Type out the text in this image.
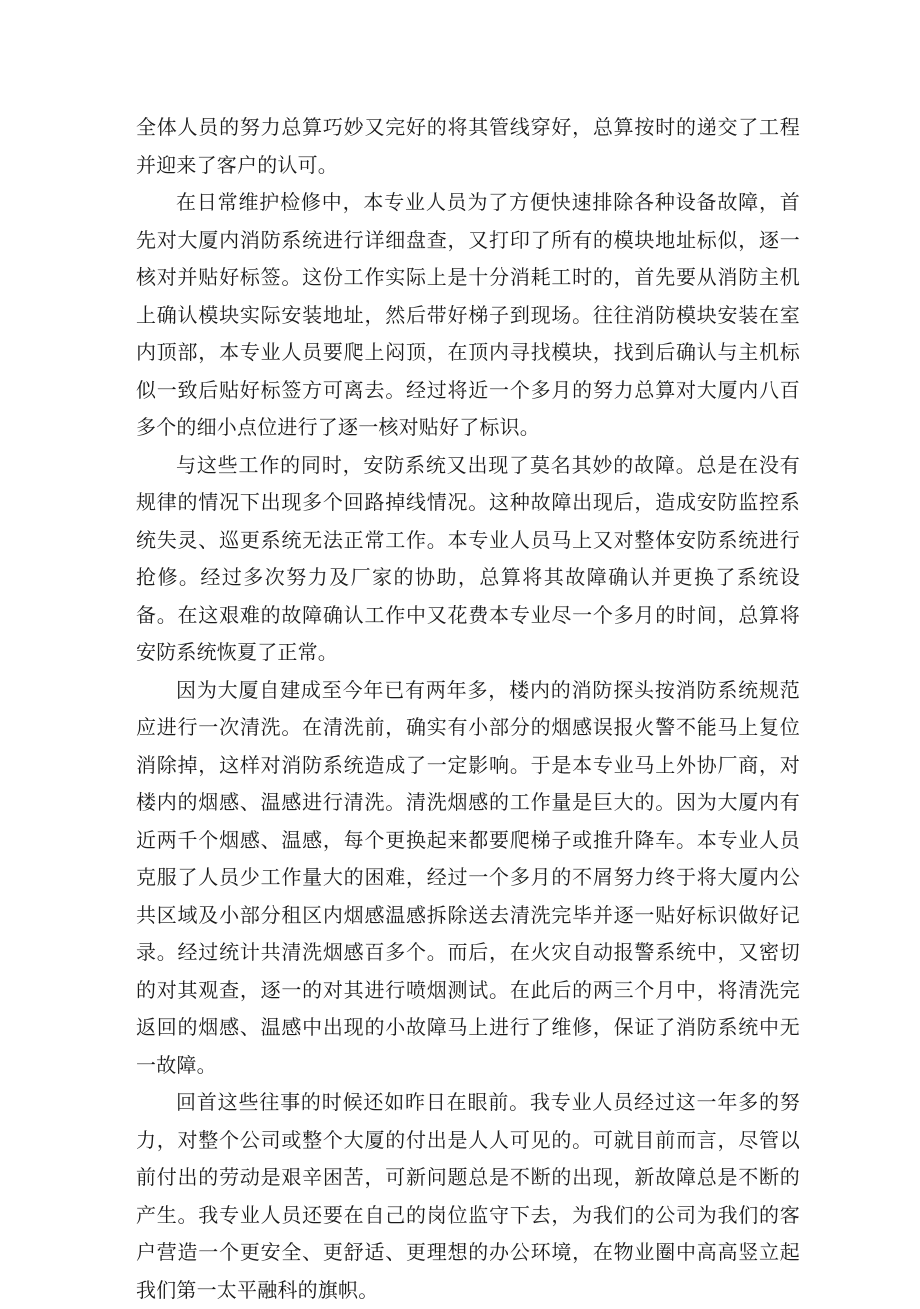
全体人员的努力总算巧妙又完好的将其管线穿好，总算按时的递交了工程并迎来了客户的认可。

在日常维护检修中，本专业人员为了方便快速排除各种设备故障，首先对大厦内消防系统进行详细盘查，又打印了所有的模块地址标似，逐一核对并贴好标签。这份工作实际上是十分消耗工时的，首先要从消防主机上确认模块实际安装地址，然后带好梯子到现场。往往消防模块安装在室内顶部，本专业人员要爬上闷顶，在顶内寻找模块，找到后确认与主机标似一致后贴好标签方可离去。经过将近一个多月的努力总算对大厦内八百多个的细小点位进行了逐一核对贴好了标识。

与这些工作的同时，安防系统又出现了莫名其妙的故障。总是在没有规律的情况下出现多个回路掉线情况。这种故障出现后，造成安防监控系统失灵、巡更系统无法正常工作。本专业人员马上又对整体安防系统进行抢修。经过多次努力及厂家的协助，总算将其故障确认并更换了系统设备。在这艰难的故障确认工作中又花费本专业尽一个多月的时间，总算将安防系统恢夏了正常。

因为大厦自建成至今年已有两年多，楼内的消防探头按消防系统规范应进行一次清洗。在清洗前，确实有小部分的烟感误报火警不能马上复位消除掉，这样对消防系统造成了一定影响。于是本专业马上外协厂商，对楼内的烟感、温感进行清洗。清洗烟感的工作量是巨大的。因为大厦内有近两千个烟感、温感，每个更换起来都要爬梯子或推升降车。本专业人员克服了人员少工作量大的困难，经过一个多月的不屑努力终于将大厦内公共区域及小部分租区内烟感温感拆除送去清洗完毕并逐一贴好标识做好记录。经过统计共清洗烟感百多个。而后，在火灾自动报警系统中，又密切的对其观查，逐一的对其进行喷烟测试。在此后的两三个月中，将清洗完返回的烟感、温感中出现的小故障马上进行了维修，保证了消防系统中无一故障。

回首这些往事的时候还如昨日在眼前。我专业人员经过这一年多的努力，对整个公司或整个大厦的付出是人人可见的。可就目前而言，尽管以前付出的劳动是艰辛困苦，可新问题总是不断的出现，新故障总是不断的产生。我专业人员还要在自己的岗位监守下去，为我们的公司为我们的客户营造一个更安全、更舒适、更理想的办公环境，在物业圈中高高竖立起我们第一太平融科的旗帜。
